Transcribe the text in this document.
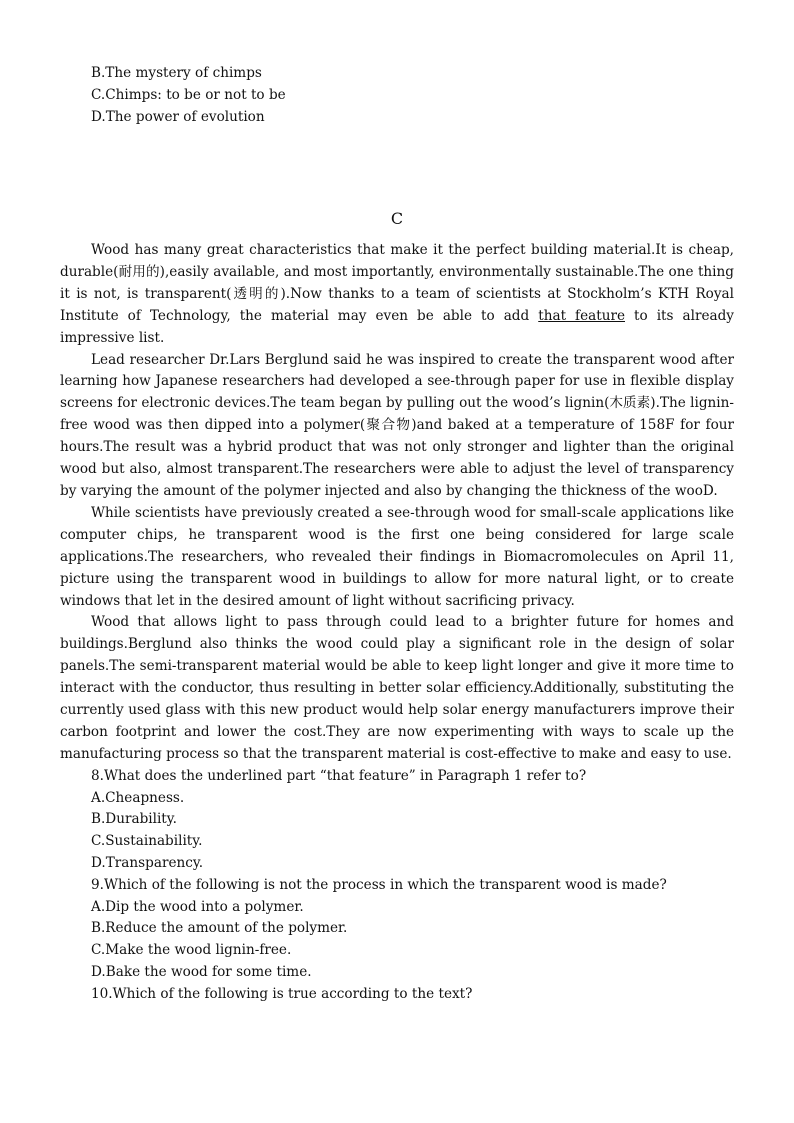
B.The mystery of chimps

C.Chimps: to be or not to be

D.The power of evolution

C

Wood has many great characteristics that make it the perfect building material.It is cheap, durable(耐用的),easily available, and most importantly, environmentally sustainable.The one thing it is not, is transparent(透明的).Now thanks to a team of scientists at Stockholm’s KTH Royal Institute of Technology, the material may even be able to add that feature to its already impressive list.

Lead researcher Dr.Lars Berglund said he was inspired to create the transparent wood after learning how Japanese researchers had developed a see-through paper for use in flexible display screens for electronic devices.The team began by pulling out the wood’s lignin(木质素).The lignin-free wood was then dipped into a polymer(聚合物)and baked at a temperature of 158F for four hours.The result was a hybrid product that was not only stronger and lighter than the original wood but also, almost transparent.The researchers were able to adjust the level of transparency by varying the amount of the polymer injected and also by changing the thickness of the wooD.

While scientists have previously created a see-through wood for small-scale applications like computer chips, he transparent wood is the first one being considered for large scale applications.The researchers, who revealed their findings in Biomacromolecules on April 11, picture using the transparent wood in buildings to allow for more natural light, or to create windows that let in the desired amount of light without sacrificing privacy.

Wood that allows light to pass through could lead to a brighter future for homes and buildings.Berglund also thinks the wood could play a significant role in the design of solar panels.The semi-transparent material would be able to keep light longer and give it more time to interact with the conductor, thus resulting in better solar efficiency.Additionally, substituting the currently used glass with this new product would help solar energy manufacturers improve their carbon footprint and lower the cost.They are now experimenting with ways to scale up the manufacturing process so that the transparent material is cost-effective to make and easy to use.

8.What does the underlined part “that feature” in Paragraph 1 refer to?

A.Cheapness.

B.Durability.

C.Sustainability.

D.Transparency.

9.Which of the following is not the process in which the transparent wood is made?

A.Dip the wood into a polymer.

B.Reduce the amount of the polymer.

C.Make the wood lignin-free.

D.Bake the wood for some time.

10.Which of the following is true according to the text?
